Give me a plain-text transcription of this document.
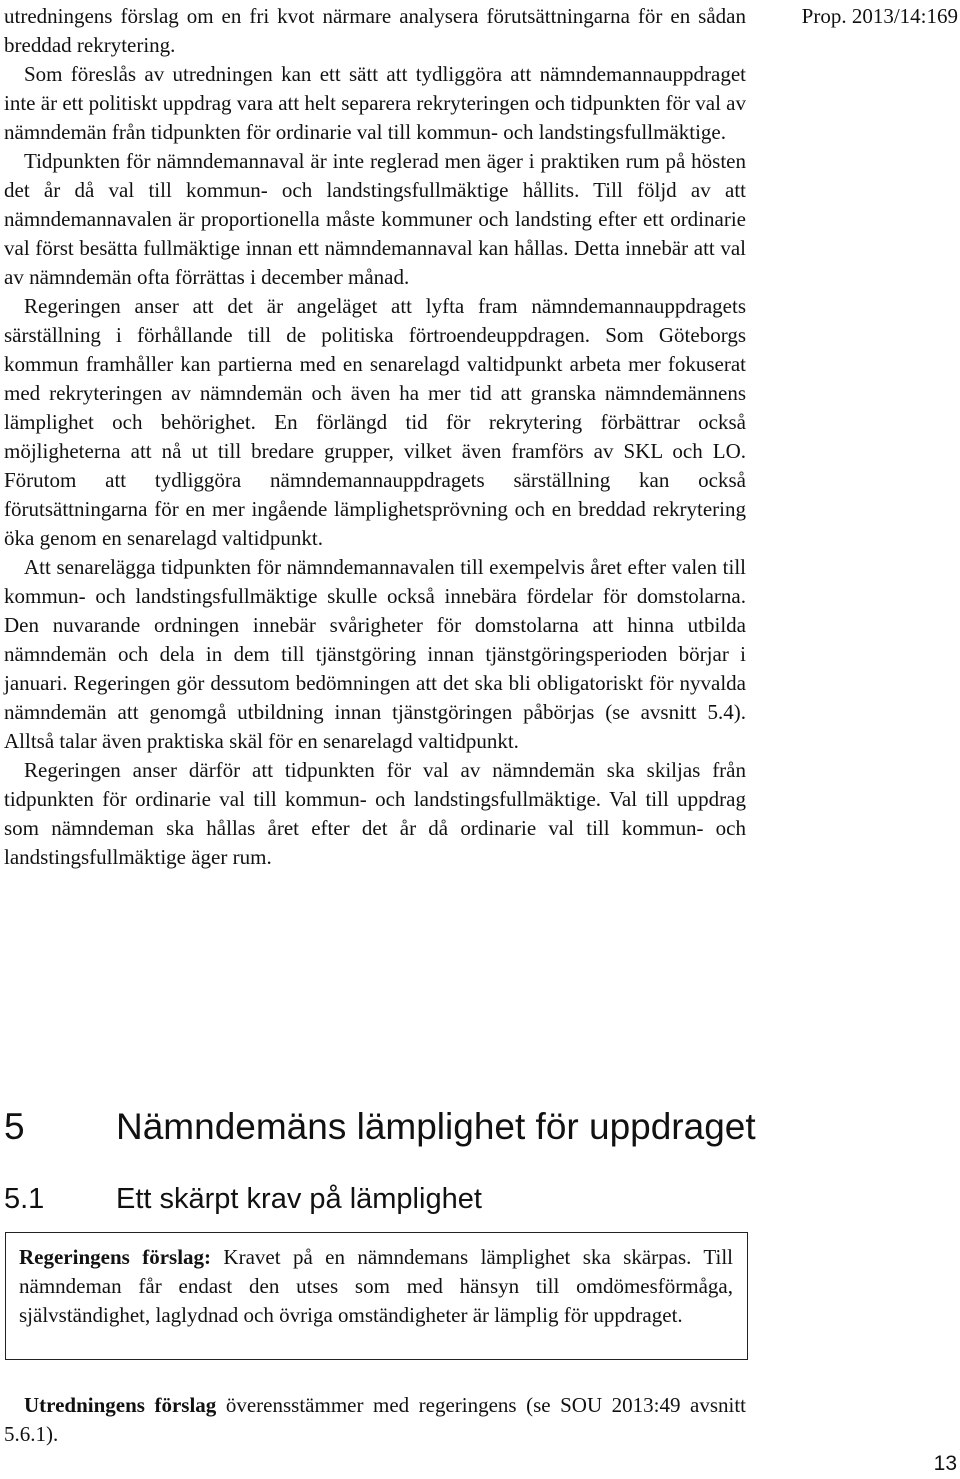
Prop. 2013/14:169

utredningens förslag om en fri kvot närmare analysera förutsättningarna för en sådan breddad rekrytering.

Som föreslås av utredningen kan ett sätt att tydliggöra att nämndemannauppdraget inte är ett politiskt uppdrag vara att helt separera rekryteringen och tidpunkten för val av nämndemän från tidpunkten för ordinarie val till kommun- och landstingsfullmäktige.

Tidpunkten för nämndemannaval är inte reglerad men äger i praktiken rum på hösten det år då val till kommun- och landstingsfullmäktige hållits. Till följd av att nämndemannavalen är proportionella måste kommuner och landsting efter ett ordinarie val först besätta fullmäktige innan ett nämndemannaval kan hållas. Detta innebär att val av nämndemän ofta förrättas i december månad.

Regeringen anser att det är angeläget att lyfta fram nämndemannauppdragets särställning i förhållande till de politiska förtroendeuppdragen. Som Göteborgs kommun framhåller kan partierna med en senarelagd valtidpunkt arbeta mer fokuserat med rekryteringen av nämndemän och även ha mer tid att granska nämndemännens lämplighet och behörighet. En förlängd tid för rekrytering förbättrar också möjligheterna att nå ut till bredare grupper, vilket även framförs av SKL och LO. Förutom att tydliggöra nämndemannauppdragets särställning kan också förutsättningarna för en mer ingående lämplighetsprövning och en breddad rekrytering öka genom en senarelagd valtidpunkt.

Att senarelägga tidpunkten för nämndemannavalen till exempelvis året efter valen till kommun- och landstingsfullmäktige skulle också innebära fördelar för domstolarna. Den nuvarande ordningen innebär svårigheter för domstolarna att hinna utbilda nämndemän och dela in dem till tjänstgöring innan tjänstgöringsperioden börjar i januari. Regeringen gör dessutom bedömningen att det ska bli obligatoriskt för nyvalda nämndemän att genomgå utbildning innan tjänstgöringen påbörjas (se avsnitt 5.4). Alltså talar även praktiska skäl för en senarelagd valtidpunkt.

Regeringen anser därför att tidpunkten för val av nämndemän ska skiljas från tidpunkten för ordinarie val till kommun- och landstingsfullmäktige. Val till uppdrag som nämndeman ska hållas året efter det år då ordinarie val till kommun- och landstingsfullmäktige äger rum.

5 Nämndemäns lämplighet för uppdraget
5.1 Ett skärpt krav på lämplighet
Regeringens förslag: Kravet på en nämndemans lämplighet ska skärpas. Till nämndeman får endast den utses som med hänsyn till omdömesförmåga, självständighet, laglydnad och övriga omständigheter är lämplig för uppdraget.

Utredningens förslag överensstämmer med regeringens (se SOU 2013:49 avsnitt 5.6.1).

13
